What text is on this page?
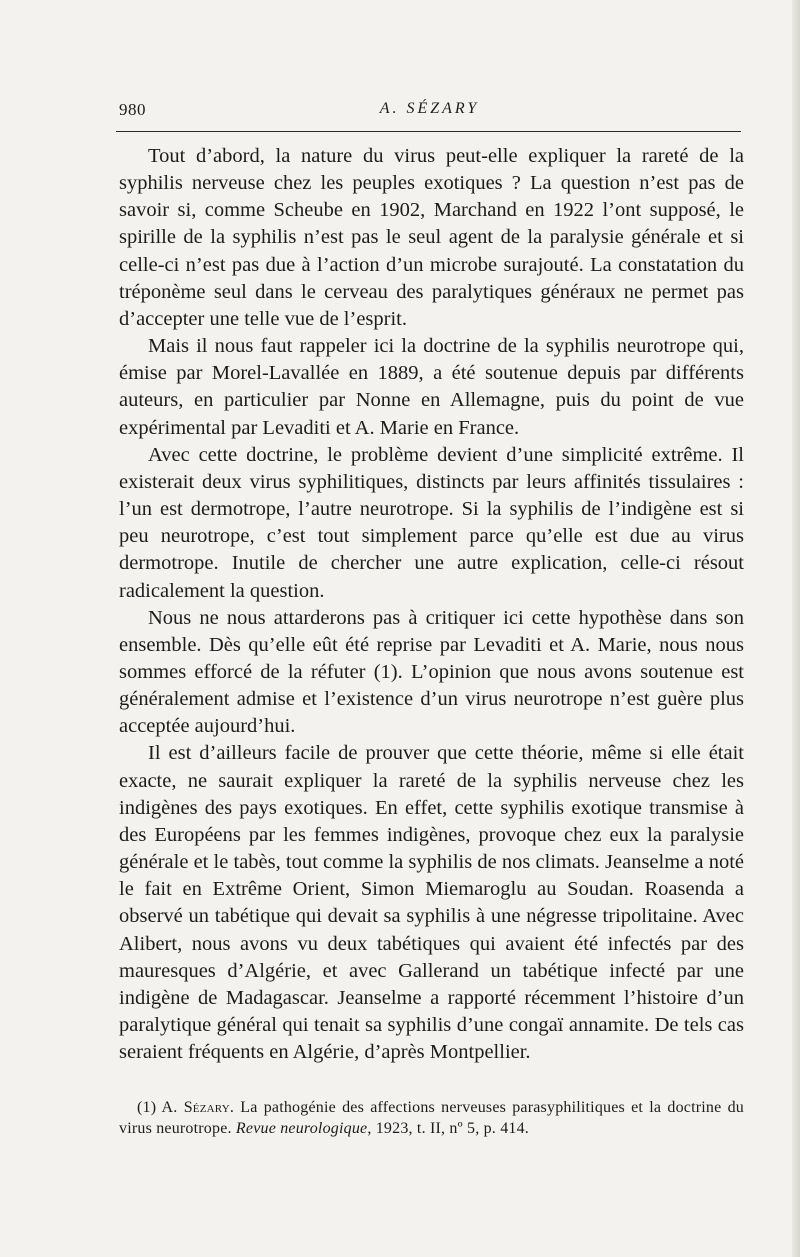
980	A. SÉZARY

Tout d’abord, la nature du virus peut-elle expliquer la rareté de la syphilis nerveuse chez les peuples exotiques ? La question n’est pas de savoir si, comme Scheube en 1902, Marchand en 1922 l’ont supposé, le spirille de la syphilis n’est pas le seul agent de la paralysie générale et si celle-ci n’est pas due à l’action d’un microbe surajouté. La constatation du tréponème seul dans le cerveau des paralytiques généraux ne permet pas d’accepter une telle vue de l’esprit.

Mais il nous faut rappeler ici la doctrine de la syphilis neurotrope qui, émise par Morel-Lavallée en 1889, a été soutenue depuis par différents auteurs, en particulier par Nonne en Allemagne, puis du point de vue expérimental par Levaditi et A. Marie en France.

Avec cette doctrine, le problème devient d’une simplicité extrême. Il existerait deux virus syphilitiques, distincts par leurs affinités tissulaires : l’un est dermotrope, l’autre neurotrope. Si la syphilis de l’indigène est si peu neurotrope, c’est tout simplement parce qu’elle est due au virus dermotrope. Inutile de chercher une autre explication, celle-ci résout radicalement la question.

Nous ne nous attarderons pas à critiquer ici cette hypothèse dans son ensemble. Dès qu’elle eût été reprise par Levaditi et A. Marie, nous nous sommes efforcé de la réfuter (1). L’opinion que nous avons soutenue est généralement admise et l’existence d’un virus neurotrope n’est guère plus acceptée aujourd’hui.

Il est d’ailleurs facile de prouver que cette théorie, même si elle était exacte, ne saurait expliquer la rareté de la syphilis nerveuse chez les indigènes des pays exotiques. En effet, cette syphilis exotique transmise à des Européens par les femmes indigènes, provoque chez eux la paralysie générale et le tabès, tout comme la syphilis de nos climats. Jeanselme a noté le fait en Extrême Orient, Simon Miemaroglu au Soudan. Roasenda a observé un tabétique qui devait sa syphilis à une négresse tripolitaine. Avec Alibert, nous avons vu deux tabétiques qui avaient été infectés par des mauresques d’Algérie, et avec Gallerand un tabétique infecté par une indigène de Madagascar. Jeanselme a rapporté récemment l’histoire d’un paralytique général qui tenait sa syphilis d’une congaï annamite. De tels cas seraient fréquents en Algérie, d’après Montpellier.

(1) A. Sézary. La pathogénie des affections nerveuses parasyphilitiques et la doctrine du virus neurotrope. Revue neurologique, 1923, t. II, nº 5, p. 414.
